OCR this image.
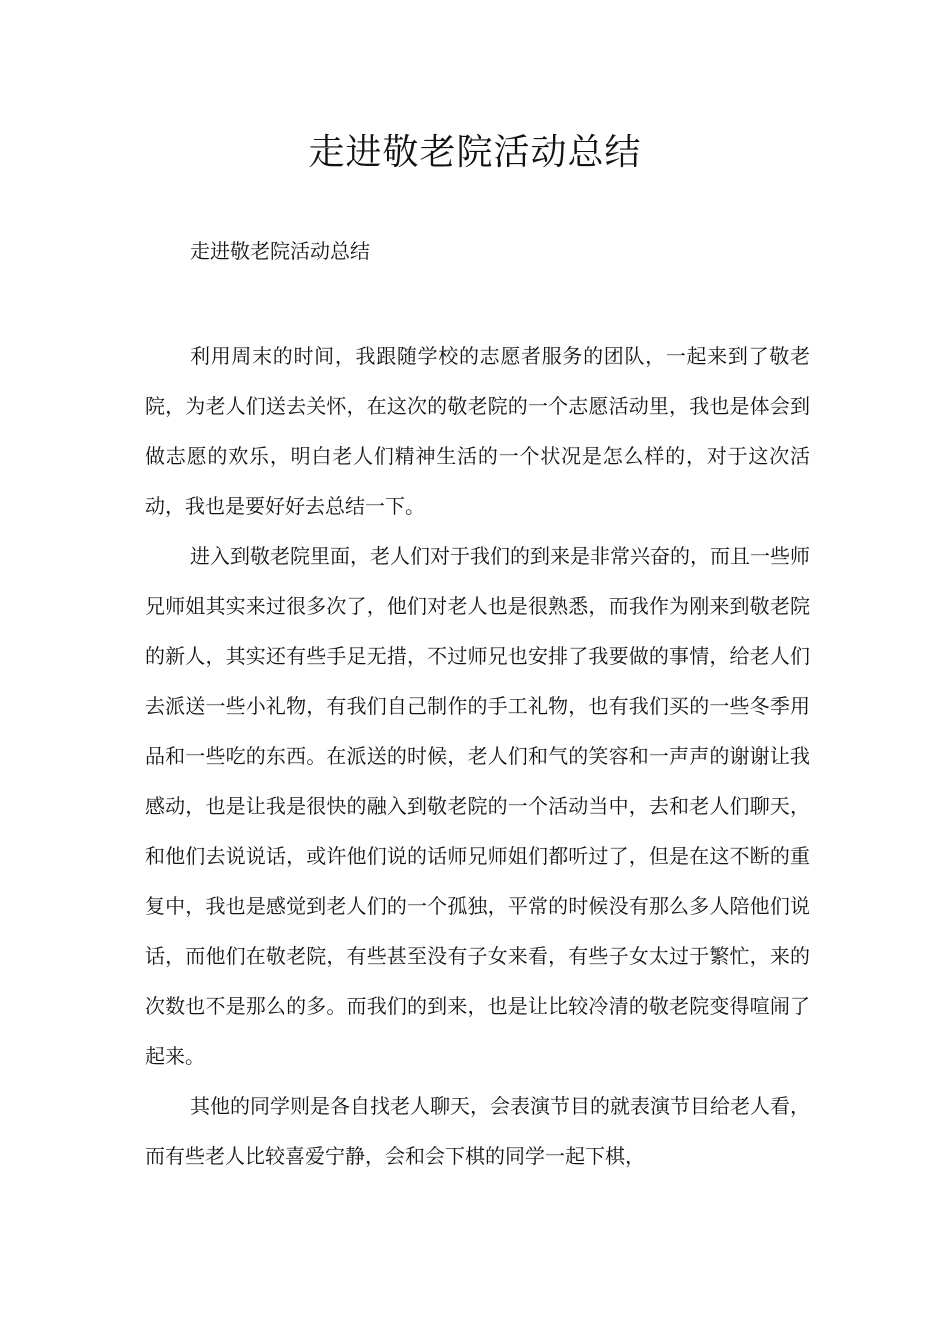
走进敬老院活动总结

走进敬老院活动总结

利用周末的时间，我跟随学校的志愿者服务的团队，一起来到了敬老院，为老人们送去关怀，在这次的敬老院的一个志愿活动里，我也是体会到做志愿的欢乐，明白老人们精神生活的一个状况是怎么样的，对于这次活动，我也是要好好去总结一下。

进入到敬老院里面，老人们对于我们的到来是非常兴奋的，而且一些师兄师姐其实来过很多次了，他们对老人也是很熟悉，而我作为刚来到敬老院的新人，其实还有些手足无措，不过师兄也安排了我要做的事情，给老人们去派送一些小礼物，有我们自己制作的手工礼物，也有我们买的一些冬季用品和一些吃的东西。在派送的时候，老人们和气的笑容和一声声的谢谢让我感动，也是让我是很快的融入到敬老院的一个活动当中，去和老人们聊天，和他们去说说话，或许他们说的话师兄师姐们都听过了，但是在这不断的重复中，我也是感觉到老人们的一个孤独，平常的时候没有那么多人陪他们说话，而他们在敬老院，有些甚至没有子女来看，有些子女太过于繁忙，来的次数也不是那么的多。而我们的到来，也是让比较冷清的敬老院变得喧闹了起来。

其他的同学则是各自找老人聊天，会表演节目的就表演节目给老人看，而有些老人比较喜爱宁静，会和会下棋的同学一起下棋，
